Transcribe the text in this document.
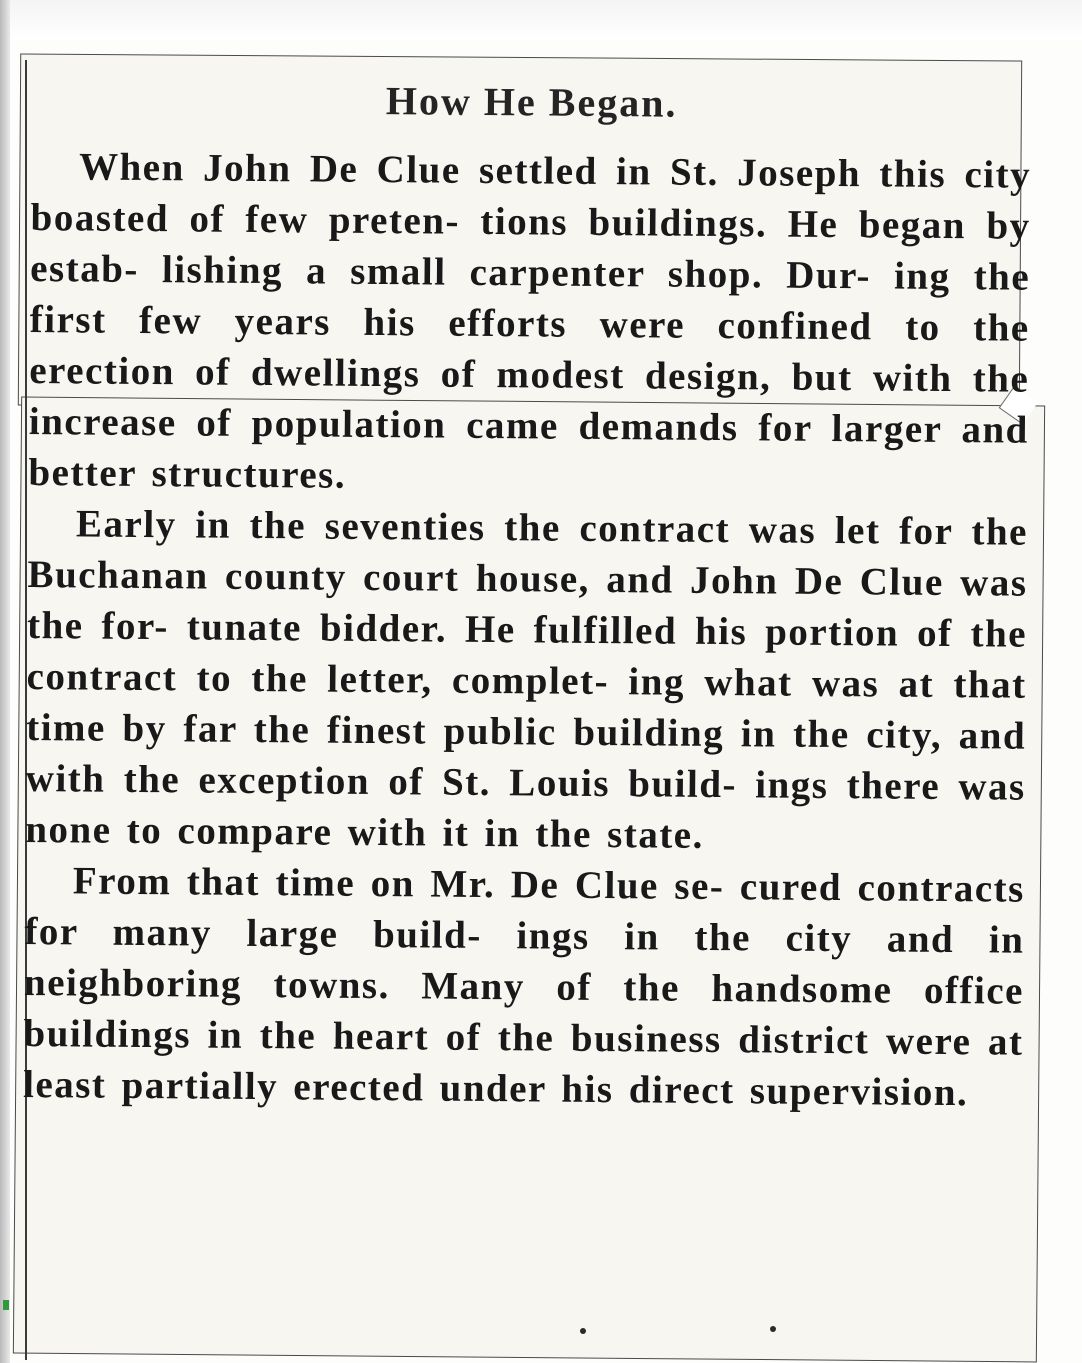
How He Began.

When John De Clue settled in St. Joseph this city boasted of few preten- tions buildings. He began by estab- lishing a small carpenter shop. Dur- ing the first few years his efforts were confined to the erection of dwellings of modest design, but with the increase of population came demands for larger and better structures.

Early in the seventies the contract was let for the Buchanan county court house, and John De Clue was the for- tunate bidder. He fulfilled his portion of the contract to the letter, complet- ing what was at that time by far the finest public building in the city, and with the exception of St. Louis build- ings there was none to compare with it in the state.

From that time on Mr. De Clue se- cured contracts for many large build- ings in the city and in neighboring towns. Many of the handsome office buildings in the heart of the business district were at least partially erected under his direct supervision.
